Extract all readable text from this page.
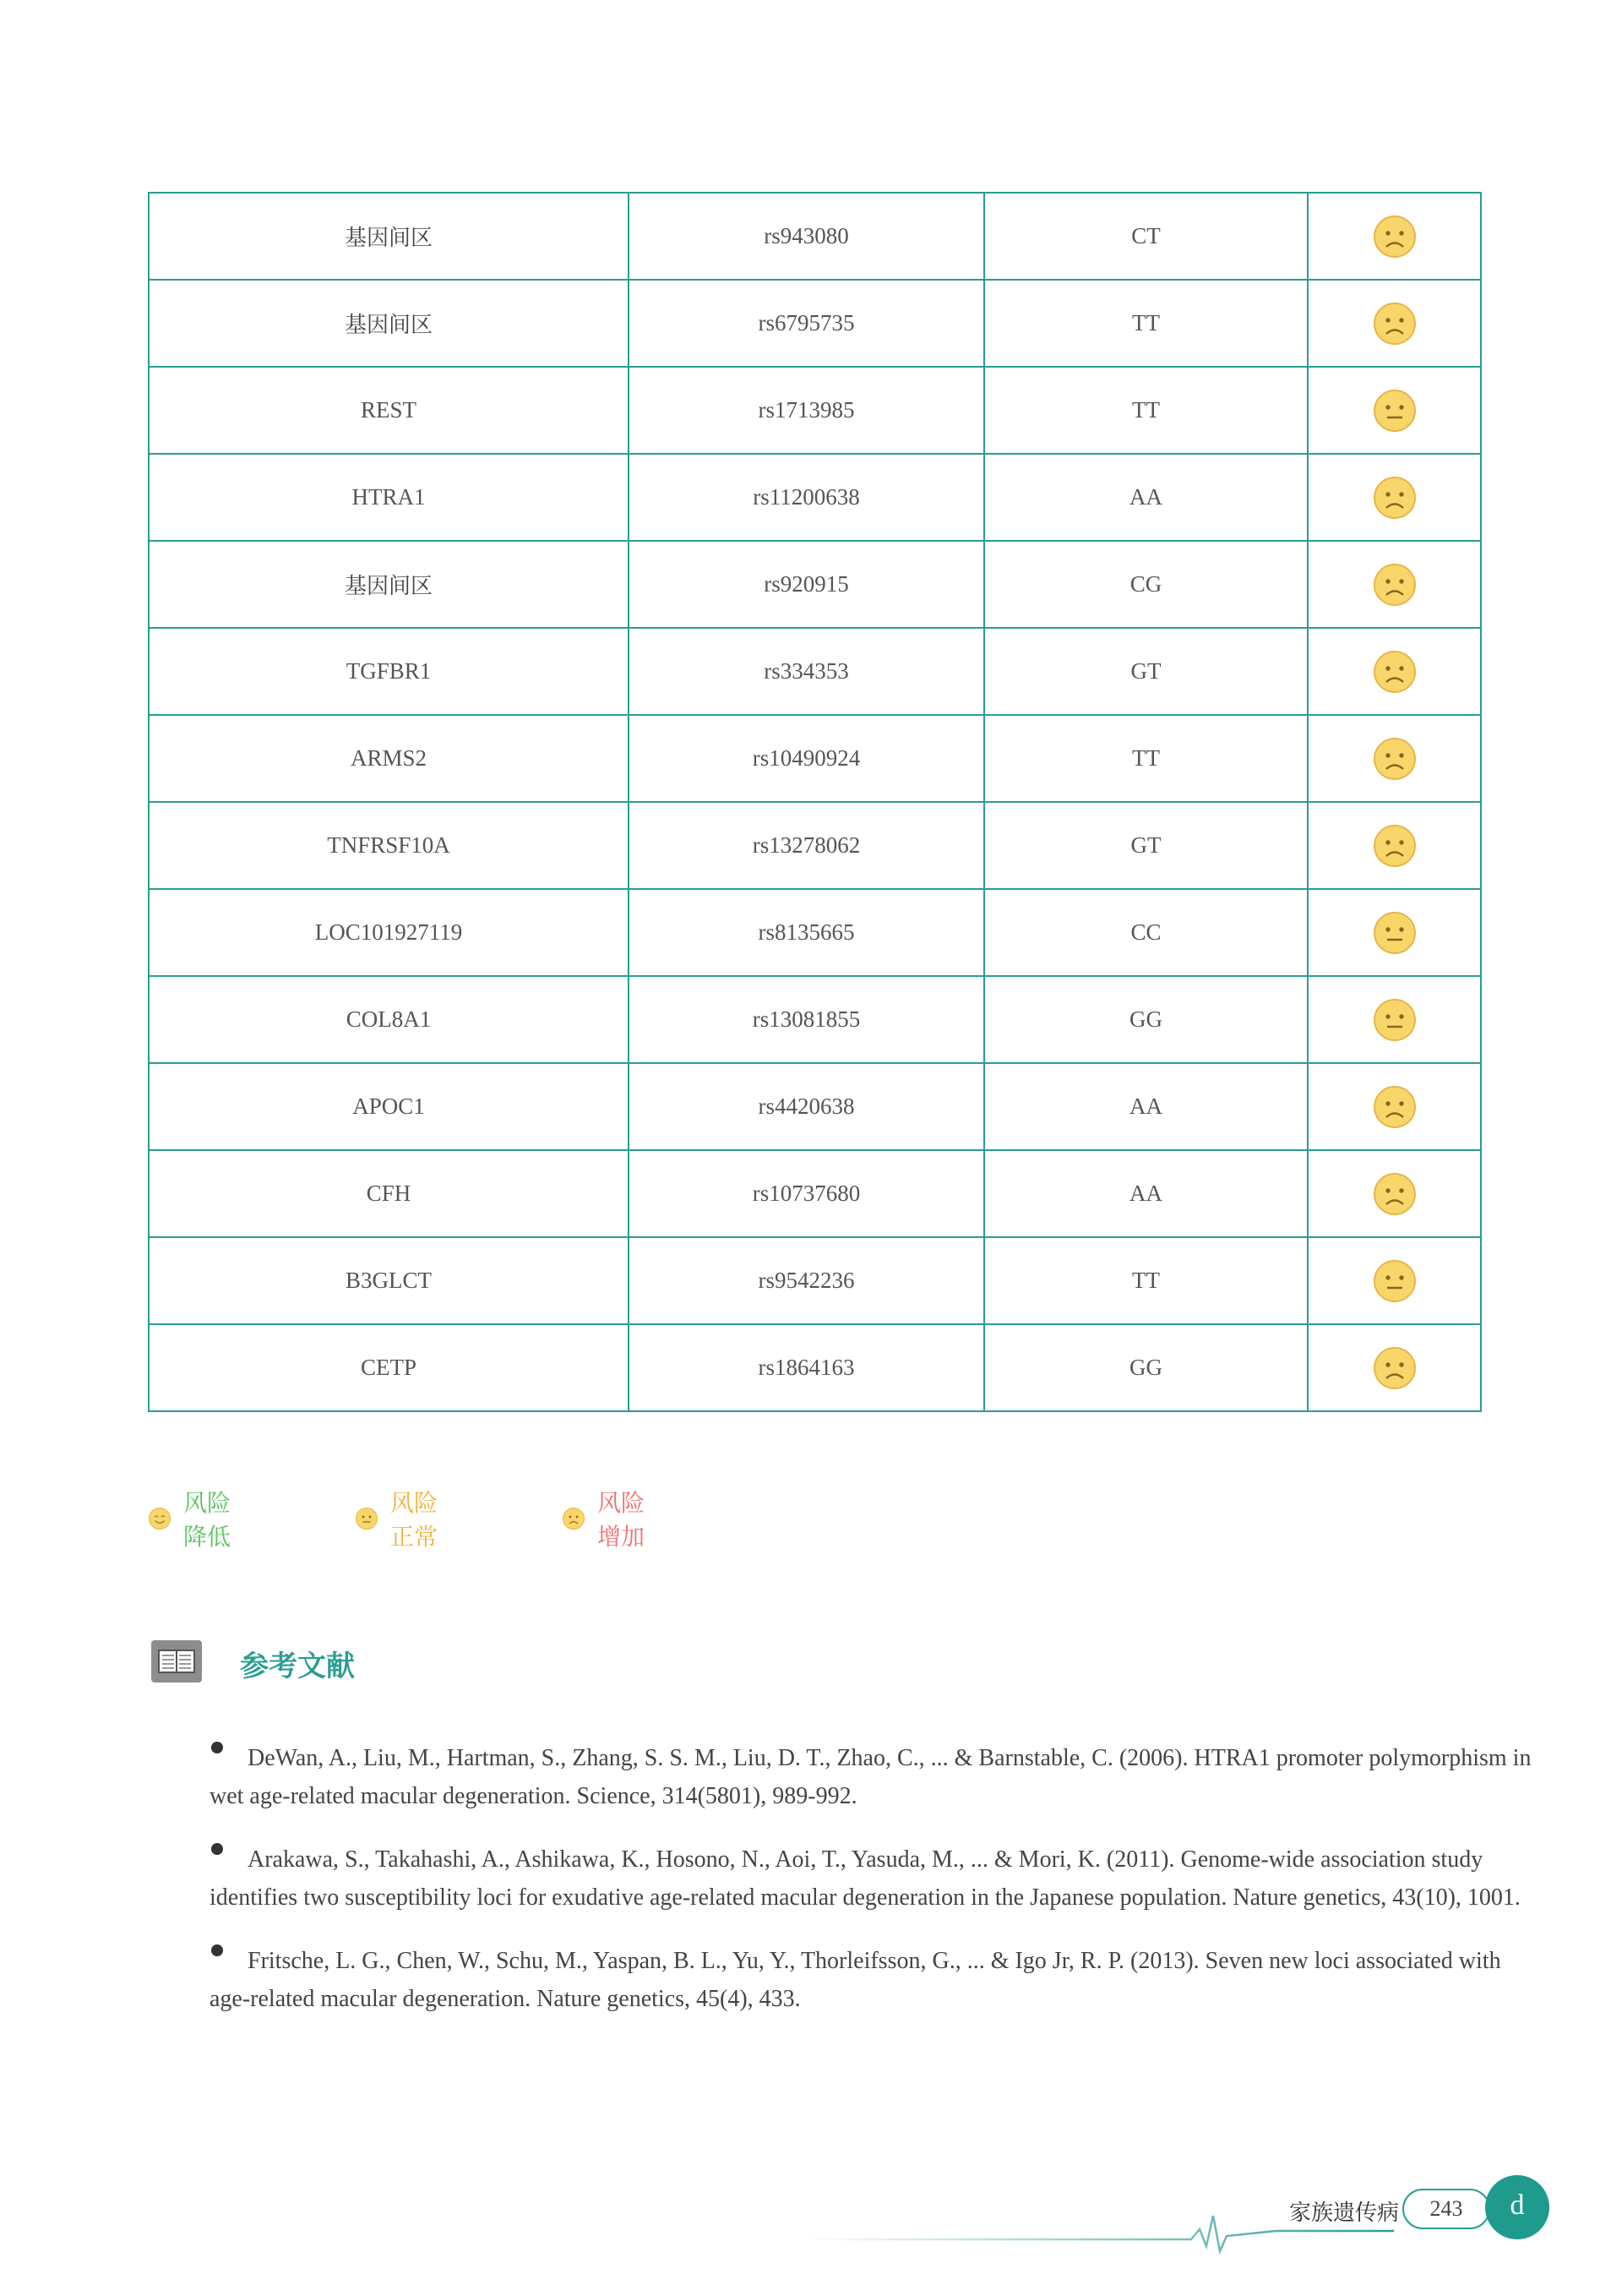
基因间区	rs943080	CT	
基因间区	rs6795735	TT	
REST	rs1713985	TT	
HTRA1	rs11200638	AA	
基因间区	rs920915	CG	
TGFBR1	rs334353	GT	
ARMS2	rs10490924	TT	
TNFRSF10A	rs13278062	GT	
LOC101927119	rs8135665	CC	
COL8A1	rs13081855	GG	
APOC1	rs4420638	AA	
CFH	rs10737680	AA	
B3GLCT	rs9542236	TT	
CETP	rs1864163	GG	
风险降低
风险正常
风险增加
参考文献
DeWan, A., Liu, M., Hartman, S., Zhang, S. S. M., Liu, D. T., Zhao, C., ... & Barnstable, C. (2006). HTRA1 promoter polymorphism in wet age-related macular degeneration. Science, 314(5801), 989-992.
Arakawa, S., Takahashi, A., Ashikawa, K., Hosono, N., Aoi, T., Yasuda, M., ... & Mori, K. (2011). Genome-wide association study identifies two susceptibility loci for exudative age-related macular degeneration in the Japanese population. Nature genetics, 43(10), 1001.
Fritsche, L. G., Chen, W., Schu, M., Yaspan, B. L., Yu, Y., Thorleifsson, G., ... & Igo Jr, R. P. (2013). Seven new loci associated with age-related macular degeneration. Nature genetics, 45(4), 433.
家族遗传病	243	d
